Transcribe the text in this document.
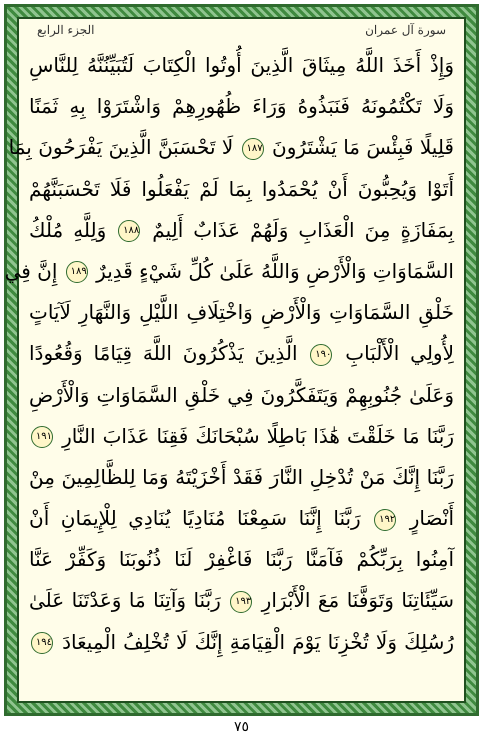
الجزء الرابع	سورة آل عمران
وَإِذْ أَخَذَ اللَّهُ مِيثَاقَ الَّذِينَ أُوتُوا الْكِتَابَ لَتُبَيِّنُنَّهُ لِلنَّاسِ
وَلَا تَكْتُمُونَهُ فَنَبَذُوهُ وَرَاءَ ظُهُورِهِمْ وَاشْتَرَوْا بِهِ ثَمَنًا
قَلِيلًا فَبِئْسَ مَا يَشْتَرُونَ ١٨٧ لَا تَحْسَبَنَّ الَّذِينَ يَفْرَحُونَ بِمَا
أَتَوْا وَيُحِبُّونَ أَنْ يُحْمَدُوا بِمَا لَمْ يَفْعَلُوا فَلَا تَحْسَبَنَّهُمْ
بِمَفَازَةٍ مِنَ الْعَذَابِ وَلَهُمْ عَذَابٌ أَلِيمٌ ١٨٨ وَلِلَّهِ مُلْكُ
السَّمَاوَاتِ وَالْأَرْضِ وَاللَّهُ عَلَىٰ كُلِّ شَيْءٍ قَدِيرٌ ١٨٩ إِنَّ فِي
خَلْقِ السَّمَاوَاتِ وَالْأَرْضِ وَاخْتِلَافِ اللَّيْلِ وَالنَّهَارِ لَآيَاتٍ
لِأُولِي الْأَلْبَابِ ١٩٠ الَّذِينَ يَذْكُرُونَ اللَّهَ قِيَامًا وَقُعُودًا
وَعَلَىٰ جُنُوبِهِمْ وَيَتَفَكَّرُونَ فِي خَلْقِ السَّمَاوَاتِ وَالْأَرْضِ
رَبَّنَا مَا خَلَقْتَ هَٰذَا بَاطِلًا سُبْحَانَكَ فَقِنَا عَذَابَ النَّارِ ١٩١
رَبَّنَا إِنَّكَ مَنْ تُدْخِلِ النَّارَ فَقَدْ أَخْزَيْتَهُ وَمَا لِلظَّالِمِينَ مِنْ
أَنْصَارٍ ١٩٢ رَبَّنَا إِنَّنَا سَمِعْنَا مُنَادِيًا يُنَادِي لِلْإِيمَانِ أَنْ
آمِنُوا بِرَبِّكُمْ فَآمَنَّا رَبَّنَا فَاغْفِرْ لَنَا ذُنُوبَنَا وَكَفِّرْ عَنَّا
سَيِّئَاتِنَا وَتَوَفَّنَا مَعَ الْأَبْرَارِ ١٩٣ رَبَّنَا وَآتِنَا مَا وَعَدْتَنَا عَلَىٰ
رُسُلِكَ وَلَا تُخْزِنَا يَوْمَ الْقِيَامَةِ إِنَّكَ لَا تُخْلِفُ الْمِيعَادَ ١٩٤
٧٥
